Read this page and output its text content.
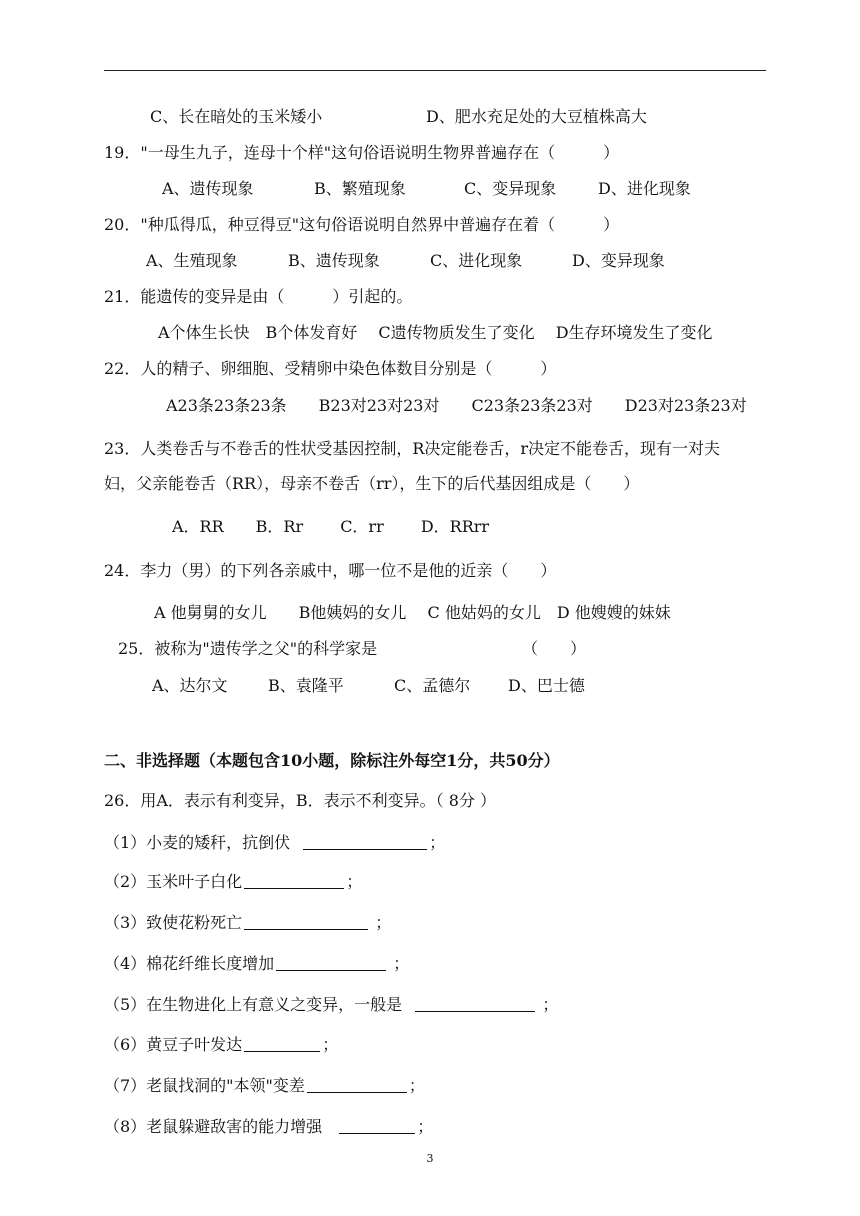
C、长在暗处的玉米矮小	D、肥水充足处的大豆植株高大
19．"一母生九子，连母十个样"这句俗语说明生物界普遍存在（　　　）
A、遗传现象	B、繁殖现象	C、变异现象	D、进化现象
20．"种瓜得瓜，种豆得豆"这句俗语说明自然界中普遍存在着（　　　）
A、生殖现象	B、遗传现象	C、进化现象	D、变异现象
21．能遗传的变异是由（　　　）引起的。
A个体生长快　B个体发育好　 C遗传物质发生了变化　 D生存环境发生了变化
22．人的精子、卵细胞、受精卵中染色体数目分别是（　　　）
A23条23条23条　　B23对23对23对　　C23条23条23对　　D23对23条23对
23．人类卷舌与不卷舌的性状受基因控制，R决定能卷舌，r决定不能卷舌，现有一对夫
妇，父亲能卷舌（RR），母亲不卷舌（rr），生下的后代基因组成是（　　）
A．RR　　B．Rr　　 C．rr　　 D．RRrr
24．李力（男）的下列各亲戚中，哪一位不是他的近亲（　　）
A 他舅舅的女儿　　B他姨妈的女儿　 C 他姑妈的女儿　D 他嫂嫂的妹妹
25．被称为"遗传学之父"的科学家是	（　　）
A、达尔文	B、袁隆平	C、孟德尔 D、巴士德
二、非选择题（本题包含10小题，除标注外每空1分，共50分）
26．用A．表示有利变异，B．表示不利变异。（ 8分 ）
（1）小麦的矮秆，抗倒伏	；
（2）玉米叶子白化	；
（3）致使花粉死亡	；
（4）棉花纤维长度增加	；
（5）在生物进化上有意义之变异，一般是	；
（6）黄豆子叶发达	；
（7）老鼠找洞的"本领"变差	；
（8）老鼠躲避敌害的能力增强	；
3
